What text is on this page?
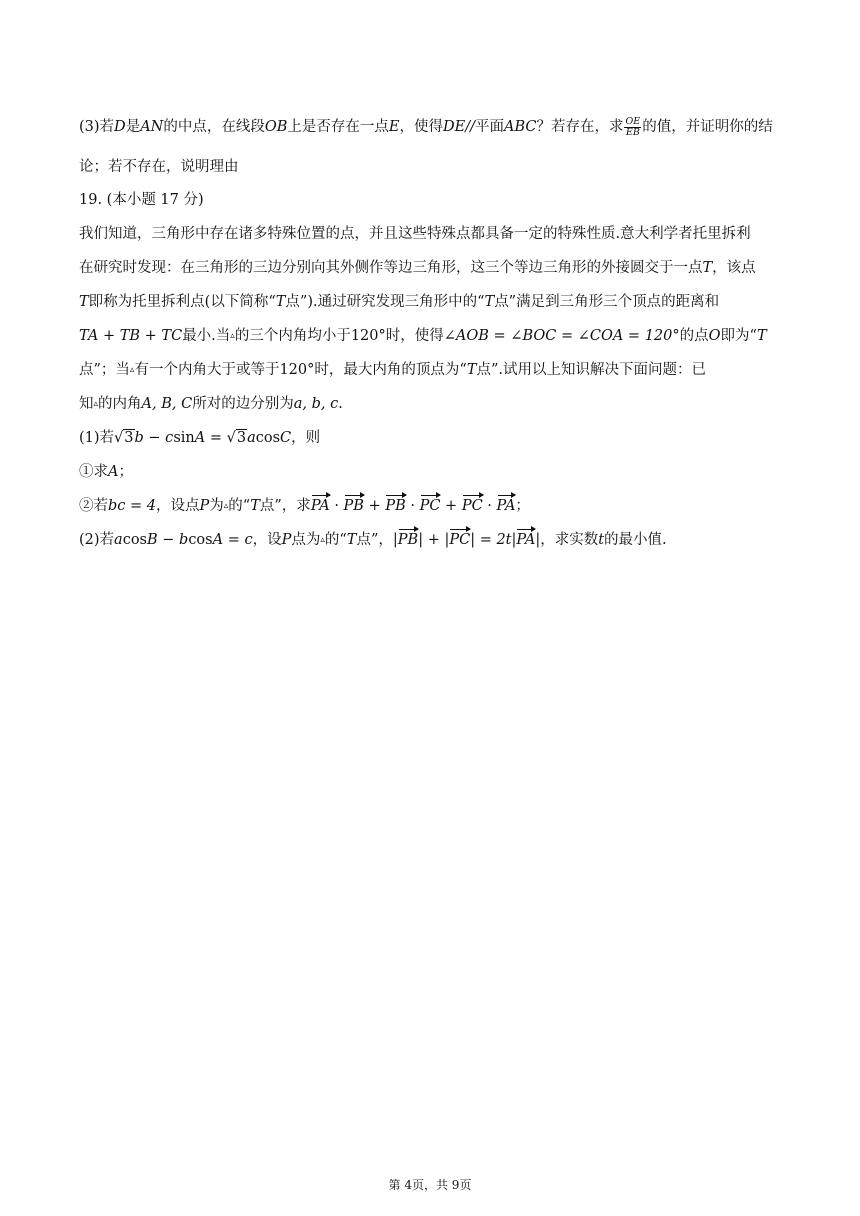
(3)若D是AN的中点，在线段OB上是否存在一点E，使得DE//平面ABC？若存在，求 $\frac{OE}{EB}$ 的值，并证明你的结
论；若不存在，说明理由
19. (本小题 17 分)
我们知道，三角形中存在诸多特殊位置的点，并且这些特殊点都具备一定的特殊性质.意大利学者托里拆利
在研究时发现：在三角形的三边分别向其外侧作等边三角形，这三个等边三角形的外接圆交于一点T，该点
T即称为托里拆利点(以下简称“T点”).通过研究发现三角形中的“T点”满足到三角形三个顶点的距离和
TA + TB + TC最小.当▵的三个内角均小于120°时，使得∠AOB = ∠BOC = ∠COA = 120°的点O即为“T
点”；当▵有一个内角大于或等于120°时，最大内角的顶点为“T点”.试用以上知识解决下面问题：已
知▵的内角A, B, C所对的边分别为a, b, c.
(1)若√3b − csinA = √3acosC，则
①求A；
②若bc = 4，设点P为▵的“T点”，求PA · PB + PB · PC + PC · PA；
(2)若acosB − bcosA = c，设P点为▵的“T点”，|PB| + |PC| = 2t|PA|，求实数t的最小值.
第 4页，共 9页
